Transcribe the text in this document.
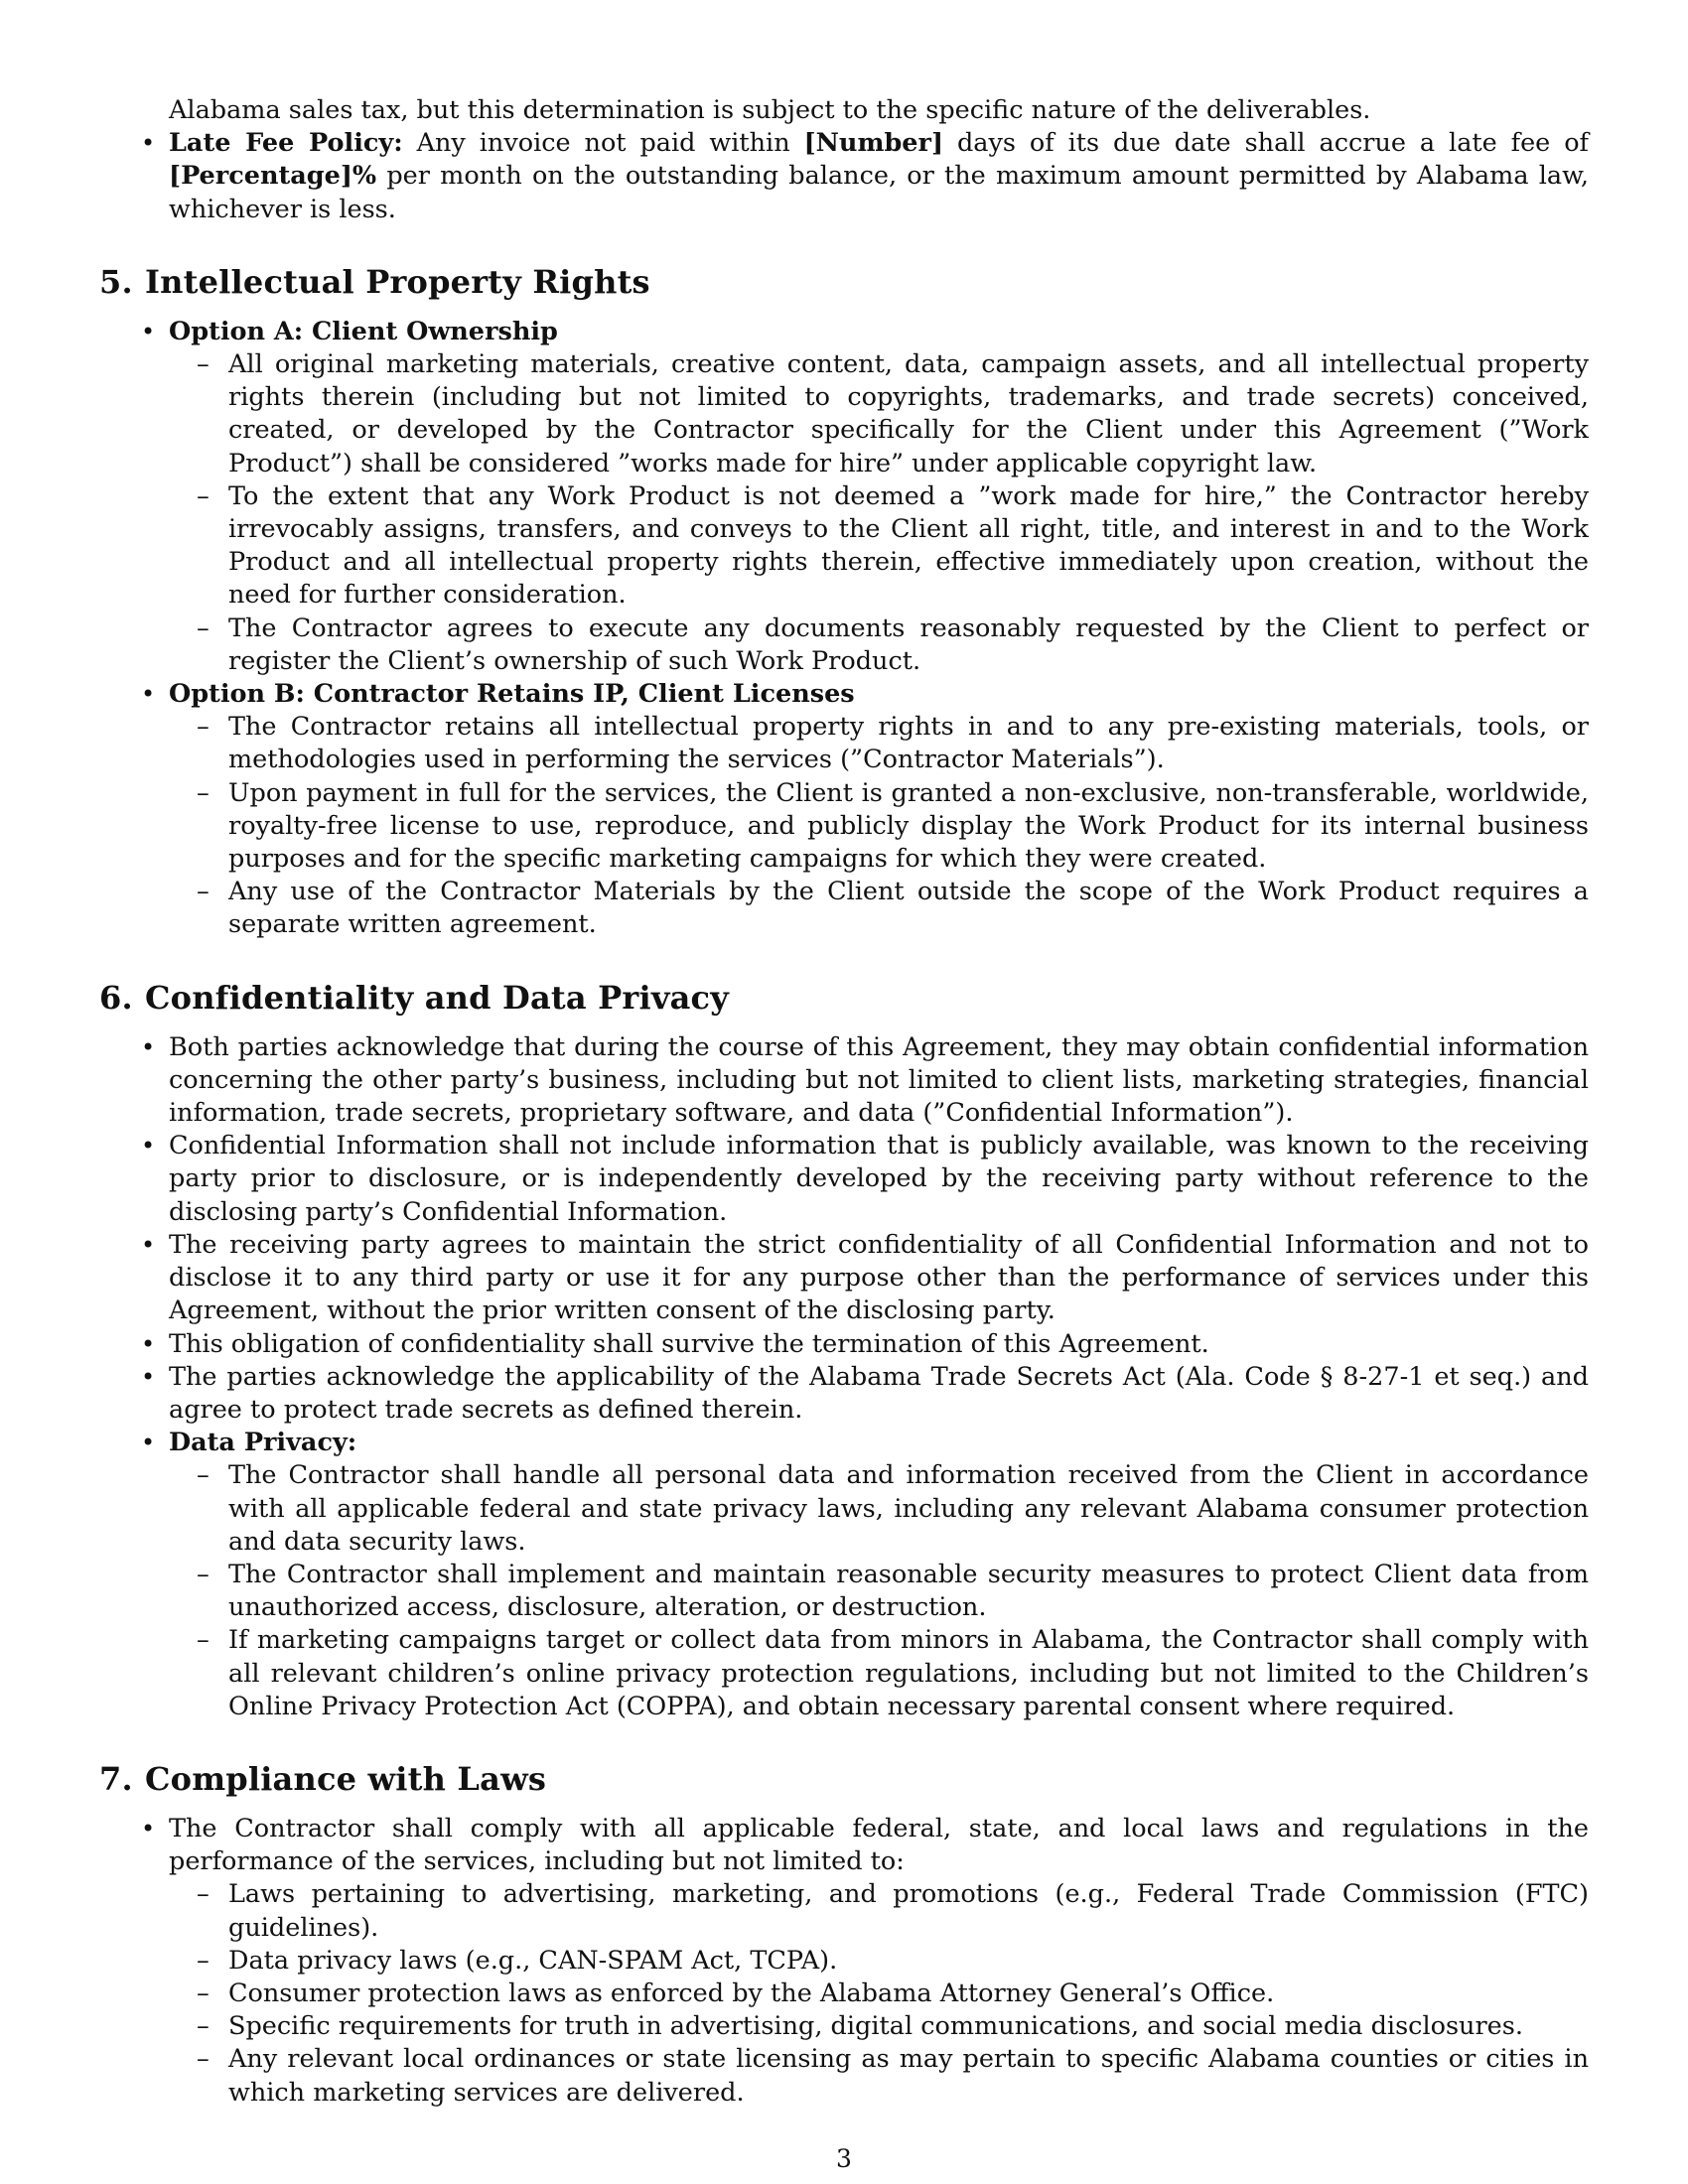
Alabama sales tax, but this determination is subject to the specific nature of the deliverables.

• Late Fee Policy: Any invoice not paid within [Number] days of its due date shall accrue a late fee of [Percentage]% per month on the outstanding balance, or the maximum amount permitted by Alabama law, whichever is less.
5. Intellectual Property Rights
• Option A: Client Ownership
– All original marketing materials, creative content, data, campaign assets, and all intellectual property rights therein (including but not limited to copyrights, trademarks, and trade secrets) conceived, created, or developed by the Contractor specifically for the Client under this Agreement (”Work Product”) shall be considered ”works made for hire” under applicable copyright law.
– To the extent that any Work Product is not deemed a ”work made for hire,” the Contractor hereby irrevocably assigns, transfers, and conveys to the Client all right, title, and interest in and to the Work Product and all intellectual property rights therein, effective immediately upon creation, without the need for further consideration.
– The Contractor agrees to execute any documents reasonably requested by the Client to perfect or register the Client’s ownership of such Work Product.
• Option B: Contractor Retains IP, Client Licenses
– The Contractor retains all intellectual property rights in and to any pre-existing materials, tools, or methodologies used in performing the services (”Contractor Materials”).
– Upon payment in full for the services, the Client is granted a non-exclusive, non-transferable, worldwide, royalty-free license to use, reproduce, and publicly display the Work Product for its internal business purposes and for the specific marketing campaigns for which they were created.
– Any use of the Contractor Materials by the Client outside the scope of the Work Product requires a separate written agreement.
6. Confidentiality and Data Privacy
• Both parties acknowledge that during the course of this Agreement, they may obtain confidential information concerning the other party’s business, including but not limited to client lists, marketing strategies, financial information, trade secrets, proprietary software, and data (”Confidential Information”).
• Confidential Information shall not include information that is publicly available, was known to the receiving party prior to disclosure, or is independently developed by the receiving party without reference to the disclosing party’s Confidential Information.
• The receiving party agrees to maintain the strict confidentiality of all Confidential Information and not to disclose it to any third party or use it for any purpose other than the performance of services under this Agreement, without the prior written consent of the disclosing party.
• This obligation of confidentiality shall survive the termination of this Agreement.
• The parties acknowledge the applicability of the Alabama Trade Secrets Act (Ala. Code § 8-27-1 et seq.) and agree to protect trade secrets as defined therein.
• Data Privacy:
– The Contractor shall handle all personal data and information received from the Client in accordance with all applicable federal and state privacy laws, including any relevant Alabama consumer protection and data security laws.
– The Contractor shall implement and maintain reasonable security measures to protect Client data from unauthorized access, disclosure, alteration, or destruction.
– If marketing campaigns target or collect data from minors in Alabama, the Contractor shall comply with all relevant children’s online privacy protection regulations, including but not limited to the Children’s Online Privacy Protection Act (COPPA), and obtain necessary parental consent where required.
7. Compliance with Laws
• The Contractor shall comply with all applicable federal, state, and local laws and regulations in the performance of the services, including but not limited to:
– Laws pertaining to advertising, marketing, and promotions (e.g., Federal Trade Commission (FTC) guidelines).
– Data privacy laws (e.g., CAN-SPAM Act, TCPA).
– Consumer protection laws as enforced by the Alabama Attorney General’s Office.
– Specific requirements for truth in advertising, digital communications, and social media disclosures.
– Any relevant local ordinances or state licensing as may pertain to specific Alabama counties or cities in which marketing services are delivered.
3
